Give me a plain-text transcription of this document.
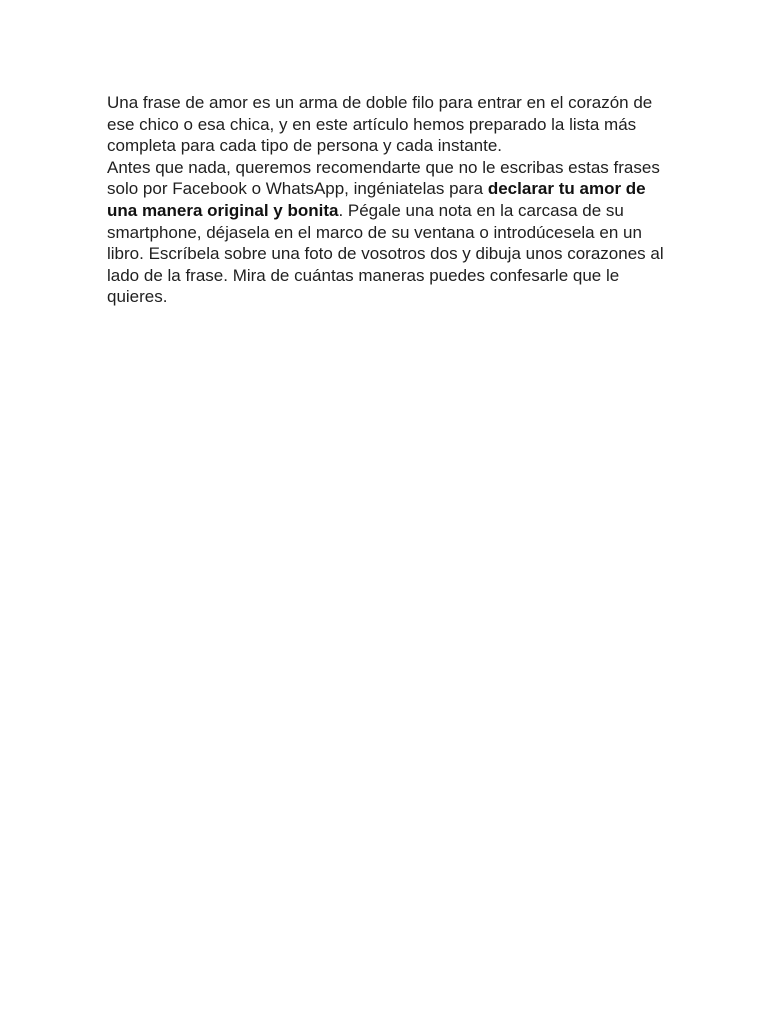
Una frase de amor es un arma de doble filo para entrar en el corazón de ese chico o esa chica, y en este artículo hemos preparado la lista más completa para cada tipo de persona y cada instante.

Antes que nada, queremos recomendarte que no le escribas estas frases solo por Facebook o WhatsApp, ingéniatelas para declarar tu amor de una manera original y bonita. Pégale una nota en la carcasa de su smartphone, déjasela en el marco de su ventana o introdúcesela en un libro. Escríbela sobre una foto de vosotros dos y dibuja unos corazones al lado de la frase. Mira de cuántas maneras puedes confesarle que le quieres.
